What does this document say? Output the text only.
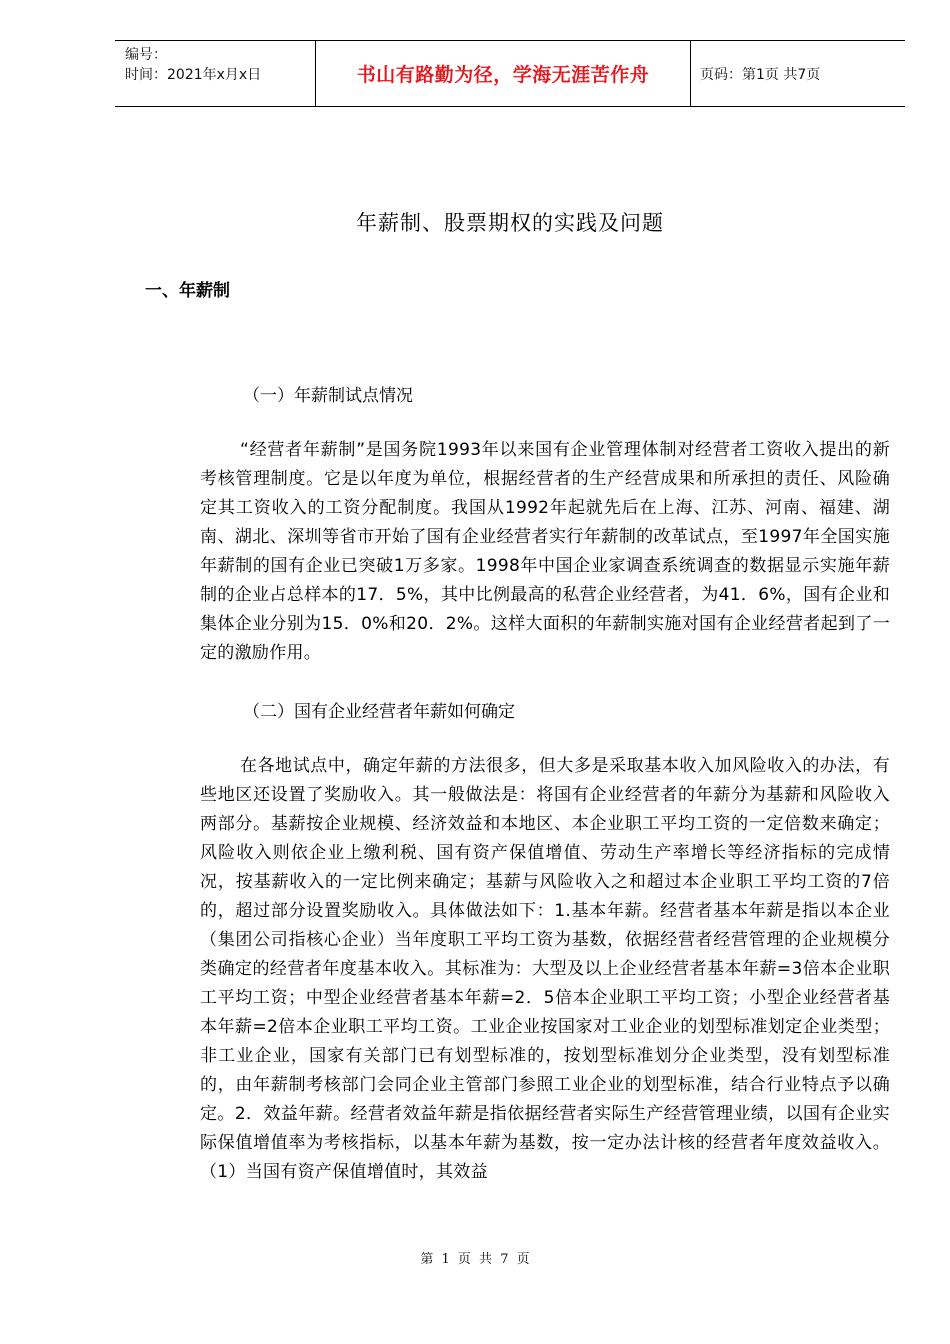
编号：
时间：2021年x月x日	书山有路勤为径，学海无涯苦作舟	页码：第1页 共7页
年薪制、股票期权的实践及问题
一、年薪制
（一）年薪制试点情况
“经营者年薪制”是国务院1993年以来国有企业管理体制对经营者工资收入提出的新考核管理制度。它是以年度为单位，根据经营者的生产经营成果和所承担的责任、风险确定其工资收入的工资分配制度。我国从1992年起就先后在上海、江苏、河南、福建、湖南、湖北、深圳等省市开始了国有企业经营者实行年薪制的改革试点，至1997年全国实施年薪制的国有企业已突破1万多家。1998年中国企业家调查系统调查的数据显示实施年薪制的企业占总样本的17．5%，其中比例最高的私营企业经营者，为41．6%，国有企业和集体企业分别为15．0%和20．2%。这样大面积的年薪制实施对国有企业经营者起到了一定的激励作用。
（二）国有企业经营者年薪如何确定
在各地试点中，确定年薪的方法很多，但大多是采取基本收入加风险收入的办法，有些地区还设置了奖励收入。其一般做法是：将国有企业经营者的年薪分为基薪和风险收入两部分。基薪按企业规模、经济效益和本地区、本企业职工平均工资的一定倍数来确定；风险收入则依企业上缴利税、国有资产保值增值、劳动生产率增长等经济指标的完成情况，按基薪收入的一定比例来确定；基薪与风险收入之和超过本企业职工平均工资的7倍的，超过部分设置奖励收入。具体做法如下：1.基本年薪。经营者基本年薪是指以本企业（集团公司指核心企业）当年度职工平均工资为基数，依据经营者经营管理的企业规模分类确定的经营者年度基本收入。其标准为：大型及以上企业经营者基本年薪=3倍本企业职工平均工资；中型企业经营者基本年薪=2．5倍本企业职工平均工资；小型企业经营者基本年薪=2倍本企业职工平均工资。工业企业按国家对工业企业的划型标准划定企业类型；非工业企业，国家有关部门已有划型标准的，按划型标准划分企业类型，没有划型标准的，由年薪制考核部门会同企业主管部门参照工业企业的划型标准，结合行业特点予以确定。2．效益年薪。经营者效益年薪是指依据经营者实际生产经营管理业绩，以国有企业实际保值增值率为考核指标，以基本年薪为基数，按一定办法计核的经营者年度效益收入。（1）当国有资产保值增值时，其效益
第 1 页 共 7 页
